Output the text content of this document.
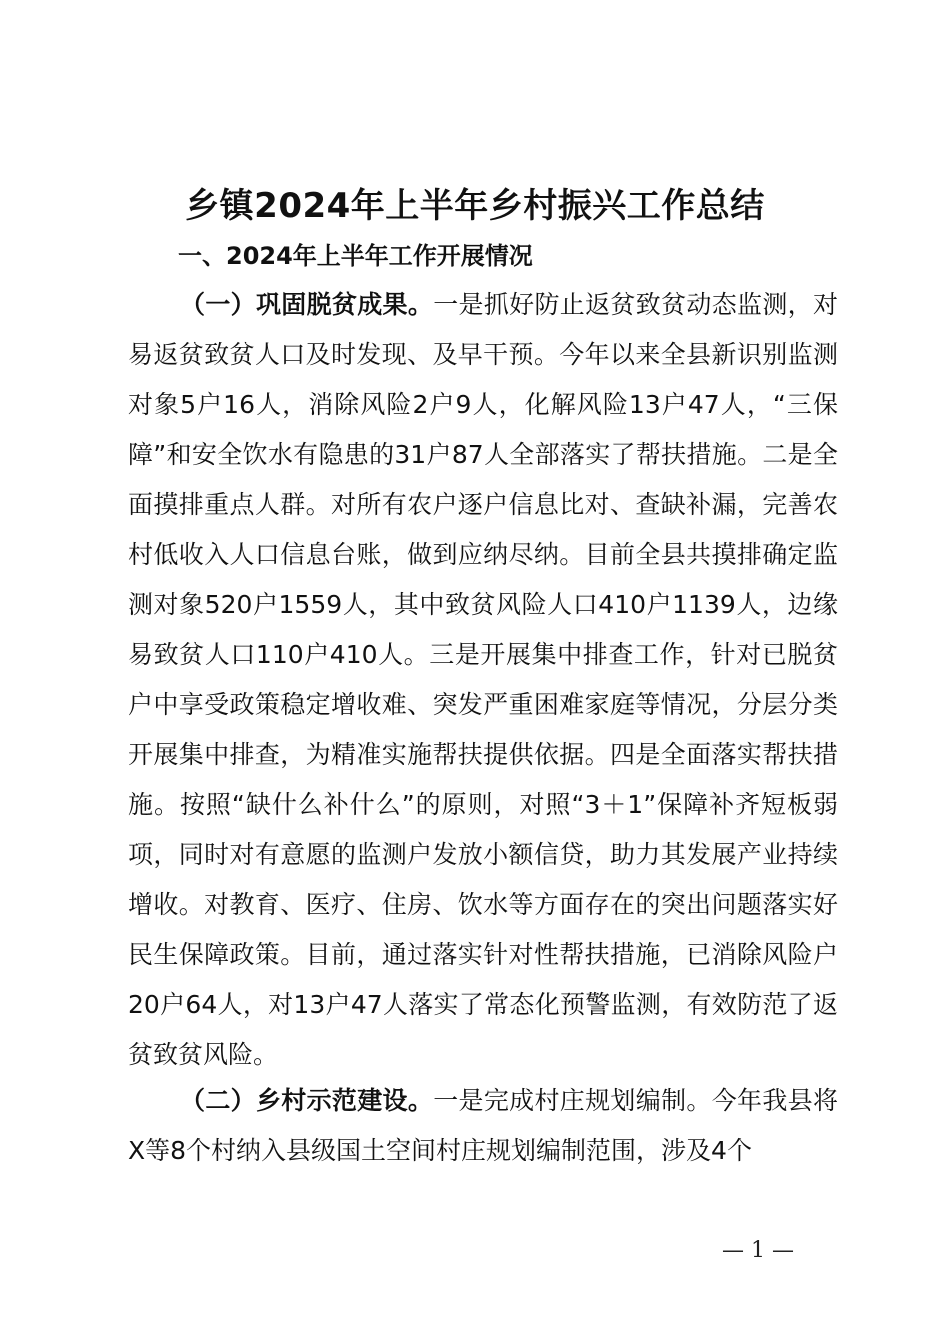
乡镇2024年上半年乡村振兴工作总结
一、2024年上半年工作开展情况

（一）巩固脱贫成果。一是抓好防止返贫致贫动态监测，对易返贫致贫人口及时发现、及早干预。今年以来全县新识别监测对象5户16人，消除风险2户9人，化解风险13户47人，“三保障”和安全饮水有隐患的31户87人全部落实了帮扶措施。二是全面摸排重点人群。对所有农户逐户信息比对、查缺补漏，完善农村低收入人口信息台账，做到应纳尽纳。目前全县共摸排确定监测对象520户1559人，其中致贫风险人口410户1139人，边缘易致贫人口110户410人。三是开展集中排查工作，针对已脱贫户中享受政策稳定增收难、突发严重困难家庭等情况，分层分类开展集中排查，为精准实施帮扶提供依据。四是全面落实帮扶措施。按照“缺什么补什么”的原则，对照“3＋1”保障补齐短板弱项，同时对有意愿的监测户发放小额信贷，助力其发展产业持续增收。对教育、医疗、住房、饮水等方面存在的突出问题落实好民生保障政策。目前，通过落实针对性帮扶措施，已消除风险户20户64人，对13户47人落实了常态化预警监测，有效防范了返贫致贫风险。

（二）乡村示范建设。一是完成村庄规划编制。今年我县将X等8个村纳入县级国土空间村庄规划编制范围，涉及4个

— 1 —
